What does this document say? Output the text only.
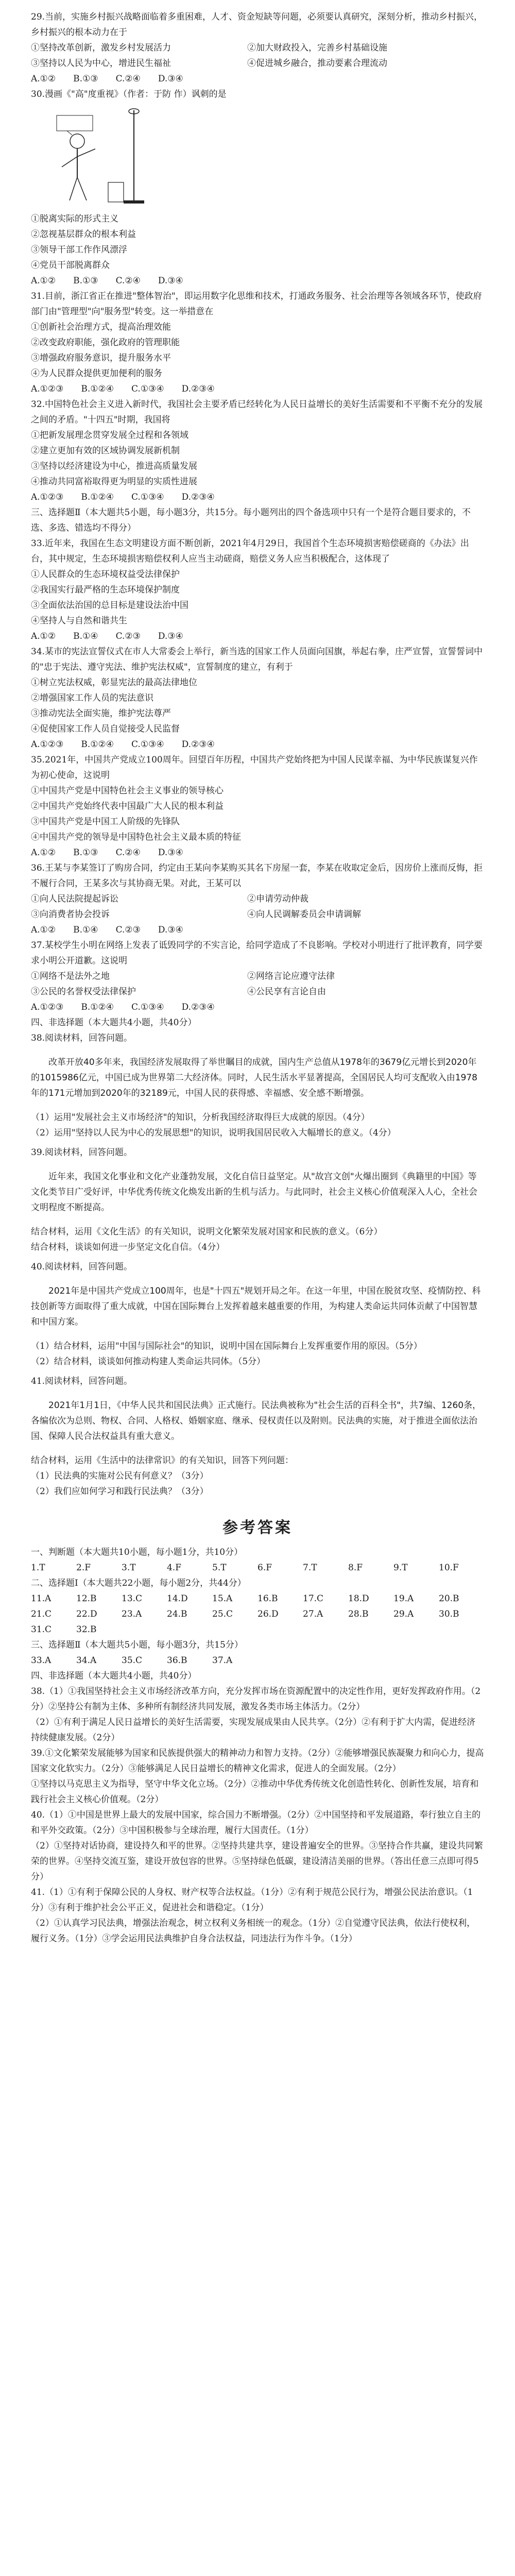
29.当前，实施乡村振兴战略面临着多重困难，人才、资金短缺等问题，必须要认真研究，深刻分析，推动乡村振兴，乡村振兴的根本动力在于

①坚持改革创新，激发乡村发展活力	②加大财政投入，完善乡村基础设施
③坚持以人民为中心，增进民生福祉	④促进城乡融合，推动要素合理流动
A.①② B.①③ C.②④ D.③④

30.漫画《"高"度重视》（作者：于防 作）讽刺的是

①脱离实际的形式主义

②忽视基层群众的根本利益

③领导干部工作作风漂浮

④党员干部脱离群众

A.①② B.①③ C.②④ D.③④

31.目前，浙江省正在推进"整体智治"，即运用数字化思维和技术，打通政务服务、社会治理等各领域各环节，使政府部门由"管理型"向"服务型"转变。这一举措意在

①创新社会治理方式，提高治理效能

②改变政府职能，强化政府的管理职能

③增强政府服务意识，提升服务水平

④为人民群众提供更加便利的服务

A.①②③ B.①②④ C.①③④ D.②③④

32.中国特色社会主义进入新时代，我国社会主要矛盾已经转化为人民日益增长的美好生活需要和不平衡不充分的发展之间的矛盾。"十四五"时期，我国将

①把新发展理念贯穿发展全过程和各领域

②建立更加有效的区域协调发展新机制

③坚持以经济建设为中心，推进高质量发展

④推动共同富裕取得更为明显的实质性进展

A.①②③ B.①②④ C.①③④ D.②③④

三、选择题Ⅱ（本大题共5小题，每小题3分，共15分。每小题列出的四个备选项中只有一个是符合题目要求的，不选、多选、错选均不得分）

33.近年来，我国在生态文明建设方面不断创新，2021年4月29日，我国首个生态环境损害赔偿磋商的《办法》出台，其中规定，生态环境损害赔偿权利人应当主动磋商，赔偿义务人应当积极配合，这体现了

①人民群众的生态环境权益受法律保护

②我国实行最严格的生态环境保护制度

③全面依法治国的总目标是建设法治中国

④坚持人与自然和谐共生

A.①② B.①④ C.②③ D.③④

34.某市的宪法宣誓仪式在市人大常委会上举行，新当选的国家工作人员面向国旗，举起右拳，庄严宣誓，宣誓誓词中的"忠于宪法、遵守宪法、维护宪法权威"，宣誓制度的建立，有利于

①树立宪法权威，彰显宪法的最高法律地位

②增强国家工作人员的宪法意识

③推动宪法全面实施，维护宪法尊严

④促使国家工作人员自觉接受人民监督

A.①②③ B.①②④ C.①③④ D.②③④

35.2021年，中国共产党成立100周年。回望百年历程，中国共产党始终把为中国人民谋幸福、为中华民族谋复兴作为初心使命，这说明

①中国共产党是中国特色社会主义事业的领导核心

②中国共产党始终代表中国最广大人民的根本利益

③中国共产党是中国工人阶级的先锋队

④中国共产党的领导是中国特色社会主义最本质的特征

A.①② B.①③ C.②④ D.③④

36.王某与李某签订了购房合同，约定由王某向李某购买其名下房屋一套，李某在收取定金后，因房价上涨而反悔，拒不履行合同，王某多次与其协商无果。对此，王某可以

①向人民法院提起诉讼	②申请劳动仲裁
③向消费者协会投诉	④向人民调解委员会申请调解
A.①② B.①④ C.②③ D.③④

37.某校学生小明在网络上发表了诋毁同学的不实言论，给同学造成了不良影响。学校对小明进行了批评教育，同学要求小明公开道歉。这说明

①网络不是法外之地	②网络言论应遵守法律
③公民的名誉权受法律保护	④公民享有言论自由
A.①②③ B.①②④ C.①③④ D.②③④

四、非选择题（本大题共4小题，共40分）

38.阅读材料，回答问题。

改革开放40多年来，我国经济发展取得了举世瞩目的成就，国内生产总值从1978年的3679亿元增长到2020年的1015986亿元，中国已成为世界第二大经济体。同时，人民生活水平显著提高，全国居民人均可支配收入由1978年的171元增加到2020年的32189元，中国人民的获得感、幸福感、安全感不断增强。

（1）运用"发展社会主义市场经济"的知识，分析我国经济取得巨大成就的原因。（4分）

（2）运用"坚持以人民为中心的发展思想"的知识，说明我国居民收入大幅增长的意义。（4分）

39.阅读材料，回答问题。

近年来，我国文化事业和文化产业蓬勃发展，文化自信日益坚定。从"故宫文创"火爆出圈到《典籍里的中国》等文化类节目广受好评，中华优秀传统文化焕发出新的生机与活力。与此同时，社会主义核心价值观深入人心，全社会文明程度不断提高。

结合材料，运用《文化生活》的有关知识，说明文化繁荣发展对国家和民族的意义。（6分）

结合材料，谈谈如何进一步坚定文化自信。（4分）

40.阅读材料，回答问题。

2021年是中国共产党成立100周年，也是"十四五"规划开局之年。在这一年里，中国在脱贫攻坚、疫情防控、科技创新等方面取得了重大成就，中国在国际舞台上发挥着越来越重要的作用，为构建人类命运共同体贡献了中国智慧和中国方案。

（1）结合材料，运用"中国与国际社会"的知识，说明中国在国际舞台上发挥重要作用的原因。（5分）

（2）结合材料，谈谈如何推动构建人类命运共同体。（5分）

41.阅读材料，回答问题。

2021年1月1日，《中华人民共和国民法典》正式施行。民法典被称为"社会生活的百科全书"，共7编、1260条，各编依次为总则、物权、合同、人格权、婚姻家庭、继承、侵权责任以及附则。民法典的实施，对于推进全面依法治国、保障人民合法权益具有重大意义。

结合材料，运用《生活中的法律常识》的有关知识，回答下列问题：

（1）民法典的实施对公民有何意义？（3分）

（2）我们应如何学习和践行民法典？（3分）

参考答案

一、判断题（本大题共10小题，每小题1分，共10分）

1.T	2.F	3.T	4.F	5.T	6.F	7.T	8.F	9.T	10.F

二、选择题Ⅰ（本大题共22小题，每小题2分，共44分）

11.A	12.B	13.C	14.D	15.A	16.B	17.C	18.D	19.A	20.B
21.C	22.D	23.A	24.B	25.C	26.D	27.A	28.B	29.A	30.B
31.C	32.B

三、选择题Ⅱ（本大题共5小题，每小题3分，共15分）

33.A	34.A	35.C	36.B	37.A

四、非选择题（本大题共4小题，共40分）

38.（1）①我国坚持社会主义市场经济改革方向，充分发挥市场在资源配置中的决定性作用，更好发挥政府作用。（2分）②坚持公有制为主体、多种所有制经济共同发展，激发各类市场主体活力。（2分）

（2）①有利于满足人民日益增长的美好生活需要，实现发展成果由人民共享。（2分）②有利于扩大内需，促进经济持续健康发展。（2分）

39.①文化繁荣发展能够为国家和民族提供强大的精神动力和智力支持。（2分）②能够增强民族凝聚力和向心力，提高国家文化软实力。（2分）③能够满足人民日益增长的精神文化需求，促进人的全面发展。（2分）

①坚持以马克思主义为指导，坚守中华文化立场。（2分）②推动中华优秀传统文化创造性转化、创新性发展，培育和践行社会主义核心价值观。（2分）

40.（1）①中国是世界上最大的发展中国家，综合国力不断增强。（2分）②中国坚持和平发展道路，奉行独立自主的和平外交政策。（2分）③中国积极参与全球治理，履行大国责任。（1分）

（2）①坚持对话协商，建设持久和平的世界。②坚持共建共享，建设普遍安全的世界。③坚持合作共赢，建设共同繁荣的世界。④坚持交流互鉴，建设开放包容的世界。⑤坚持绿色低碳，建设清洁美丽的世界。（答出任意三点即可得5分）

41.（1）①有利于保障公民的人身权、财产权等合法权益。（1分）②有利于规范公民行为，增强公民法治意识。（1分）③有利于维护社会公平正义，促进社会和谐稳定。（1分）

（2）①认真学习民法典，增强法治观念，树立权利义务相统一的观念。（1分）②自觉遵守民法典，依法行使权利，履行义务。（1分）③学会运用民法典维护自身合法权益，同违法行为作斗争。（1分）
